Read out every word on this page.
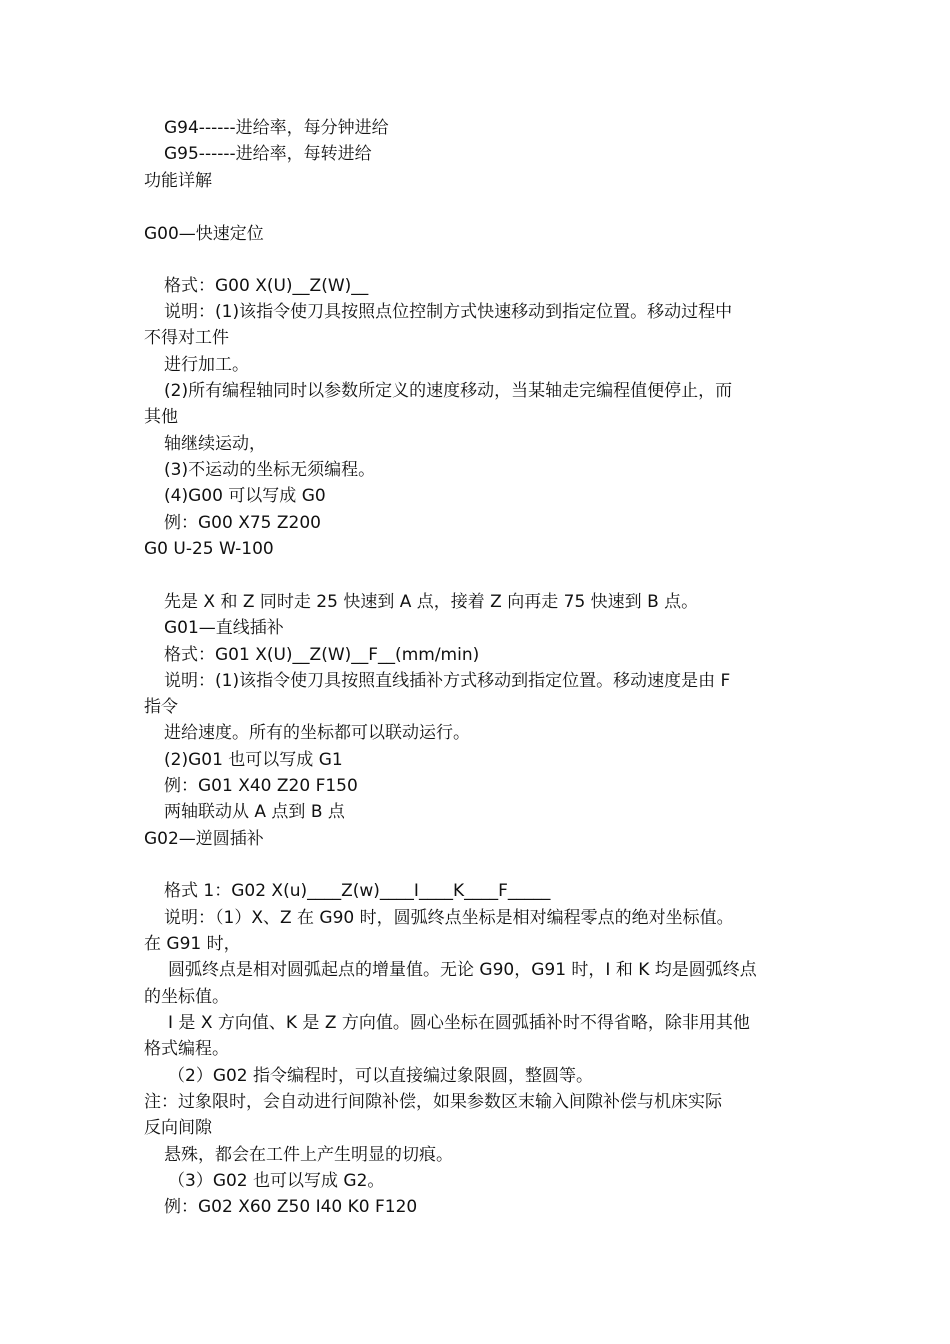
G94------进给率，每分钟进给
G95------进给率，每转进给
功能详解
G00—快速定位
格式：G00 X(U)__Z(W)__
说明：(1)该指令使刀具按照点位控制方式快速移动到指定位置。移动过程中
不得对工件
进行加工。
(2)所有编程轴同时以参数所定义的速度移动，当某轴走完编程值便停止，而
其他
轴继续运动，
(3)不运动的坐标无须编程。
(4)G00 可以写成 G0
例：G00 X75 Z200
G0 U-25 W-100
先是 X 和 Z 同时走 25 快速到 A 点，接着 Z 向再走 75 快速到 B 点。
G01—直线插补
格式：G01 X(U)__Z(W)__F__(mm/min)
说明：(1)该指令使刀具按照直线插补方式移动到指定位置。移动速度是由 F
指令
进给速度。所有的坐标都可以联动运行。
(2)G01 也可以写成 G1
例：G01 X40 Z20 F150
两轴联动从 A 点到 B 点
G02—逆圆插补
格式 1：G02 X(u)____Z(w)____I____K____F_____
说明：（1）X、Z 在 G90 时，圆弧终点坐标是相对编程零点的绝对坐标值。
在 G91 时，
圆弧终点是相对圆弧起点的增量值。无论 G90，G91 时，I 和 K 均是圆弧终点
的坐标值。
I 是 X 方向值、K 是 Z 方向值。圆心坐标在圆弧插补时不得省略，除非用其他
格式编程。
（2）G02 指令编程时，可以直接编过象限圆，整圆等。
注：过象限时，会自动进行间隙补偿，如果参数区末输入间隙补偿与机床实际
反向间隙
悬殊，都会在工件上产生明显的切痕。
（3）G02 也可以写成 G2。
例：G02 X60 Z50 I40 K0 F120
